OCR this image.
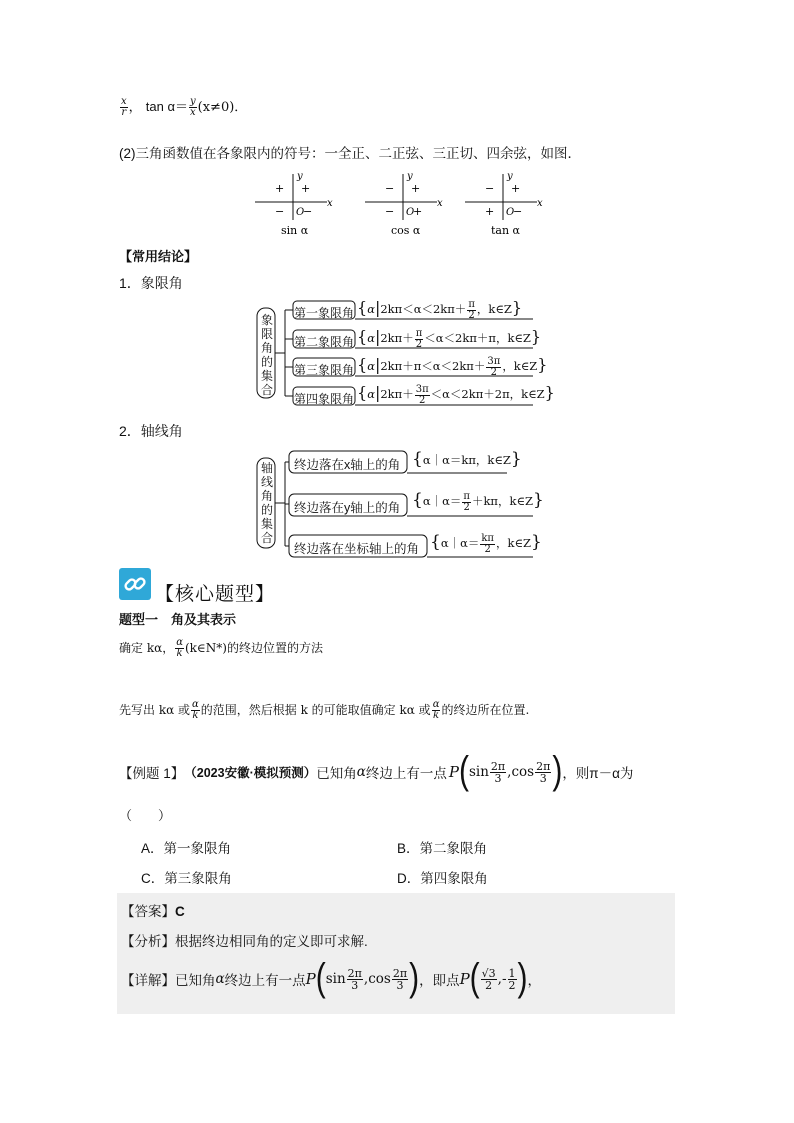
$\frac{x}{r}$ ， $\tan \alpha= \frac{y}{x} (x\ne 0)$．
(2)三角函数值在各象限内的符号：一全正、二正弦、三正切、四余弦，如图．
x
y
O
+
+
− −
sin α
x
y
O
+
−
− +
cos α
x
y
O
+
−
+ −
tan α
【常用结论】
1．象限角
象
限
角
的
集
合
第一象限角
第二象限角
第三象限角
第四象限角
{$\alpha|2k\pi<\alpha<2k\pi+ \frac{\pi}{2}$ ，k∈Z}
{$\alpha|2k\pi+ \frac{\pi}{2} <\alpha<2k\pi+\pi$，k∈Z}
{$\alpha|2k\pi+\pi<\alpha<2k\pi+ \frac{3\pi}{2}$ ，k∈Z}
{$\alpha|2k\pi+ \frac{3\pi}{2} <\alpha<2k\pi+2\pi$，k∈Z}
2．轴线角
轴
线
角
的
集
合
终边落在x轴上的角
终边落在y轴上的角
终边落在坐标轴上的角
{α｜α＝kπ，k∈Z}
{α｜α＝ $\frac{\pi}{2} +k\pi$，k∈Z}
{α｜α＝ $\frac{k\pi}{2}$ ，k∈Z}
【核心题型】
题型一　角及其表示
确定 kα， $\frac{\alpha}{k}$ (k∈N*)的终边位置的方法
先写出 kα 或 $\frac{\alpha}{k}$ 的范围，然后根据 k 的可能取值确定 kα 或 $\frac{\alpha}{k}$ 的终边所在位置.
【例题 1】 （2023安徽·模拟预测） 已知角 α 终边上有一点 P ( $\sin \frac{2\pi}{3}$ , $\cos \frac{2\pi}{3}$ ) ，则π－α为
（　　）
A．第一象限角	B．第二象限角
C．第三象限角	D．第四象限角
【答案】C
【分析】根据终边相同角的定义即可求解.
【详解】 已知角 α 终边上有一点 P ( $\sin \frac{2\pi}{3}$ , $\cos \frac{2\pi}{3}$ ) ，即点 P ( $\frac{√3}{2}$ ,- $\frac{1}{2}$ ) ，
